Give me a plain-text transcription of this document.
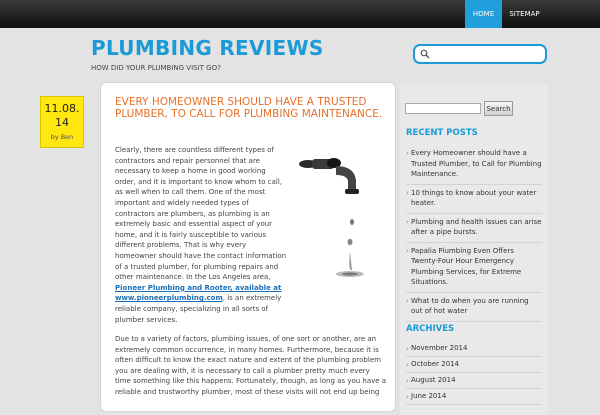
HOME	SITEMAP
PLUMBING REVIEWS
HOW DID YOUR PLUMBING VISIT GO?
11.08.14
by Ben
EVERY HOMEOWNER SHOULD HAVE A TRUSTED PLUMBER, TO CALL FOR PLUMBING MAINTENANCE.

Clearly, there are countless different types of contractors and repair personnel that are necessary to keep a home in good working order, and it is important to know whom to call, as well when to call them. One of the most important and widely needed types of contractors are plumbers, as plumbing is an extremely basic and essential aspect of your home, and it is fairly susceptible to various different problems. That is why every homeowner should have the contact information of a trusted plumber, for plumbing repairs and other maintenance. In the Los Angeles area, Pioneer Plumbing and Rooter, available at www.pioneerplumbing.com, is an extremely reliable company, specializing in all sorts of plumber services.

Due to a variety of factors, plumbing issues, of one sort or another, are an extremely common occurrence, in many homes. Furthermore, because it is often difficult to know the exact nature and extent of the plumbing problem you are dealing with, it is necessary to call a plumber pretty much every time something like this happens. Fortunately, though, as long as you have a reliable and trustworthy plumber, most of these visits will not end up being

Search
RECENT POSTS
› Every Homeowner should have a Trusted Plumber, to Call for Plumbing Maintenance.
› 10 things to know about your water heater.
› Plumbing and health issues can arise after a pipe bursts.
› Papalia Plumbing Even Offers Twenty-Four Hour Emergency Plumbing Services, for Extreme Situations.
› What to do when you are running out of hot water
ARCHIVES
› November 2014
› October 2014
› August 2014
› June 2014
